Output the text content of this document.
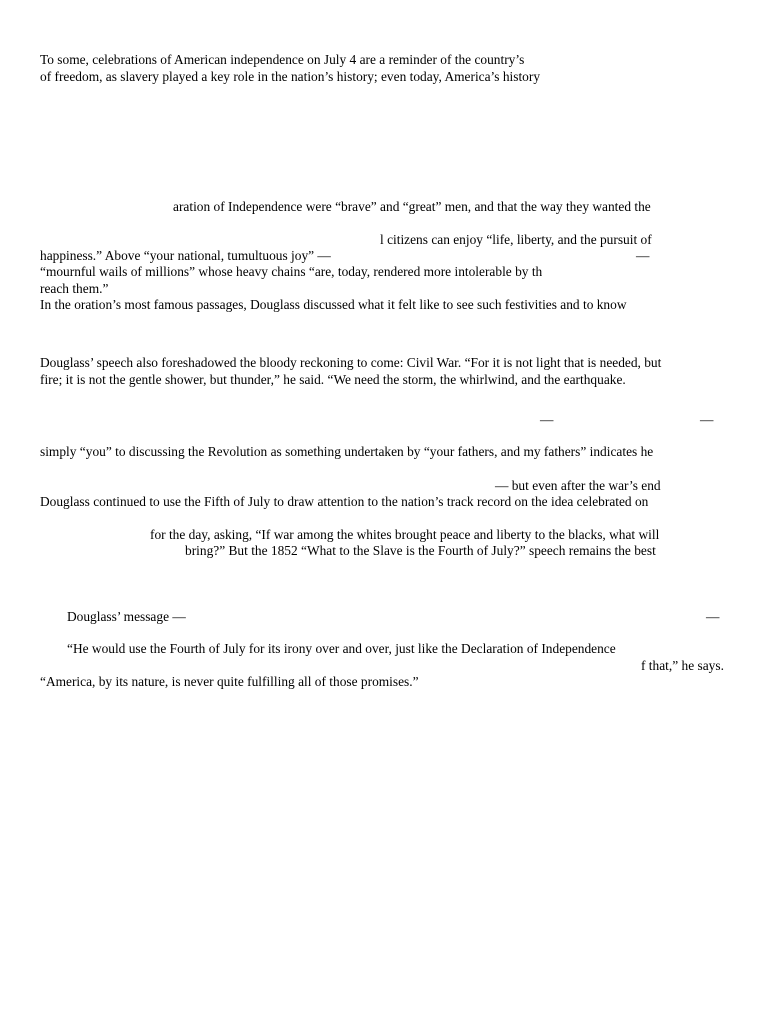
To some, celebrations of American independence on July 4 are a reminder of the country’s
of freedom, as slavery played a key role in the nation’s history; even today, America’s history
aration of Independence were “brave” and “great” men, and that the way they wanted the
l citizens can enjoy “life, liberty, and the pursuit of
happiness.” Above “your national, tumultuous joy” —	—
“mournful wails of millions” whose heavy chains “are, today, rendered more intolerable by th
reach them.”
In the oration’s most famous passages, Douglass discussed what it felt like to see such festivities and to know
Douglass’ speech also foreshadowed the bloody reckoning to come: Civil War. “For it is not light that is needed, but
fire; it is not the gentle shower, but thunder,” he said. “We need the storm, the whirlwind, and the earthquake.
—	—
simply “you” to discussing the Revolution as something undertaken by “your fathers, and my fathers” indicates he
— but even after the war’s end
Douglass continued to use the Fifth of July to draw attention to the nation’s track record on the idea celebrated on
for the day, asking, “If war among the whites brought peace and liberty to the blacks, what will
bring?” But the 1852 “What to the Slave is the Fourth of July?” speech remains the best
Douglass’ message —	—
“He would use the Fourth of July for its irony over and over, just like the Declaration of Independence
f that,” he says.
“America, by its nature, is never quite fulfilling all of those promises.”
